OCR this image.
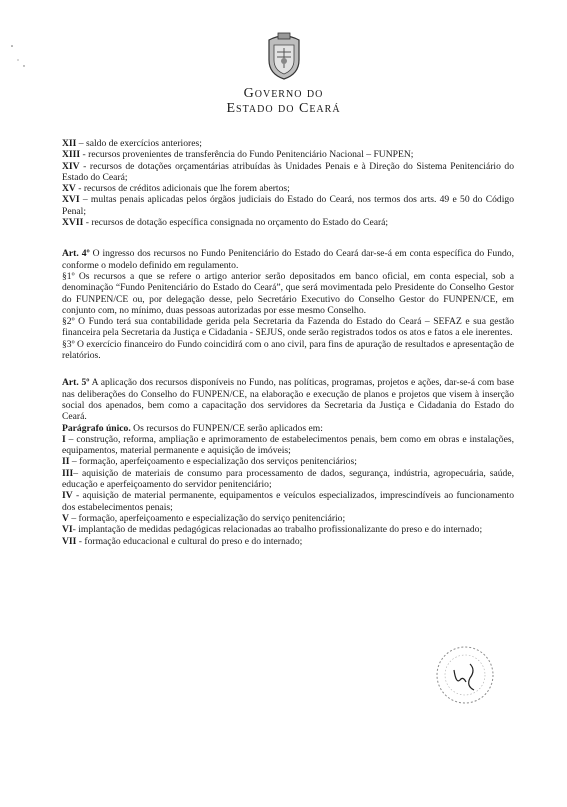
Governo do
Estado do Ceará

XII – saldo de exercícios anteriores;

XIII - recursos provenientes de transferência do Fundo Penitenciário Nacional – FUNPEN;

XIV - recursos de dotações orçamentárias atribuídas às Unidades Penais e à Direção do Sistema Penitenciário do Estado do Ceará;

XV - recursos de créditos adicionais que lhe forem abertos;

XVI – multas penais aplicadas pelos órgãos judiciais do Estado do Ceará, nos termos dos arts. 49 e 50 do Código Penal;

XVII - recursos de dotação específica consignada no orçamento do Estado do Ceará;

Art. 4º O ingresso dos recursos no Fundo Penitenciário do Estado do Ceará dar-se-á em conta específica do Fundo, conforme o modelo definido em regulamento.

§1º Os recursos a que se refere o artigo anterior serão depositados em banco oficial, em conta especial, sob a denominação “Fundo Penitenciário do Estado do Ceará”, que será movimentada pelo Presidente do Conselho Gestor do FUNPEN/CE ou, por delegação desse, pelo Secretário Executivo do Conselho Gestor do FUNPEN/CE, em conjunto com, no mínimo, duas pessoas autorizadas por esse mesmo Conselho.

§2º O Fundo terá sua contabilidade gerida pela Secretaria da Fazenda do Estado do Ceará – SEFAZ e sua gestão financeira pela Secretaria da Justiça e Cidadania - SEJUS, onde serão registrados todos os atos e fatos a ele inerentes.

§3º O exercício financeiro do Fundo coincidirá com o ano civil, para fins de apuração de resultados e apresentação de relatórios.

Art. 5º A aplicação dos recursos disponíveis no Fundo, nas políticas, programas, projetos e ações, dar-se-á com base nas deliberações do Conselho do FUNPEN/CE, na elaboração e execução de planos e projetos que visem à inserção social dos apenados, bem como a capacitação dos servidores da Secretaria da Justiça e Cidadania do Estado do Ceará.

Parágrafo único. Os recursos do FUNPEN/CE serão aplicados em:

I – construção, reforma, ampliação e aprimoramento de estabelecimentos penais, bem como em obras e instalações, equipamentos, material permanente e aquisição de imóveis;

II – formação, aperfeiçoamento e especialização dos serviços penitenciários;

III– aquisição de materiais de consumo para processamento de dados, segurança, indústria, agropecuária, saúde, educação e aperfeiçoamento do servidor penitenciário;

IV - aquisição de material permanente, equipamentos e veículos especializados, imprescindíveis ao funcionamento dos estabelecimentos penais;

V – formação, aperfeiçoamento e especialização do serviço penitenciário;

VI- implantação de medidas pedagógicas relacionadas ao trabalho profissionalizante do preso e do internado;

VII - formação educacional e cultural do preso e do internado;
